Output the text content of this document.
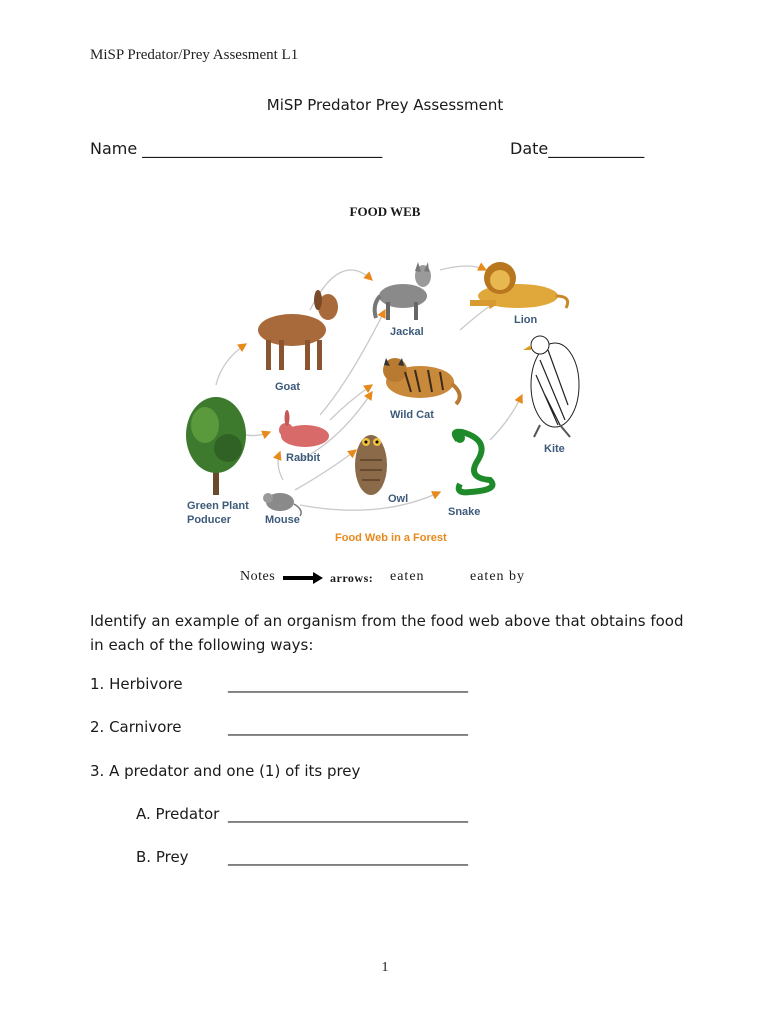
MiSP Predator/Prey Assesment L1
MiSP Predator Prey Assessment
Name ______________________________	Date____________
FOOD WEB
Lion
Jackal
Goat
Wild Cat
Kite
Rabbit
Green Plant
Poducer	Mouse
Owl
Snake
Food Web in a Forest
Notes	arrows: eaten	eaten by
Identify an example of an organism from the food web above that obtains food in each of the following ways:
1. Herbivore	________________________________
2. Carnivore	________________________________
3. A predator and one (1) of its prey
A. Predator ________________________________
B. Prey	________________________________
1
